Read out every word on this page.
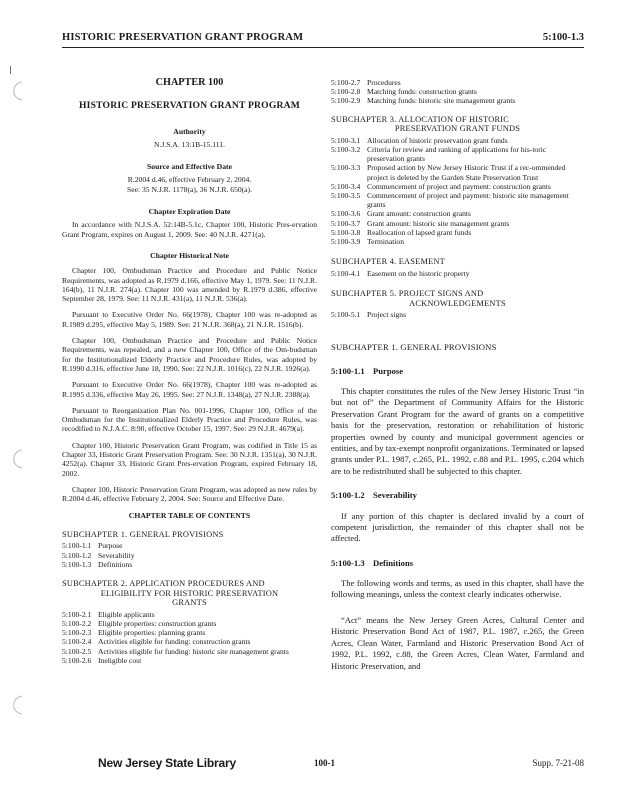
HISTORIC PRESERVATION GRANT PROGRAM	5:100-1.3
CHAPTER 100
HISTORIC PRESERVATION GRANT PROGRAM
Authority
N.J.S.A. 13:1B-15.111.
Source and Effective Date
R.2004 d.46, effective February 2, 2004.
See: 35 N.J.R. 1178(a), 36 N.J.R. 650(a).
Chapter Expiration Date

In accordance with N.J.S.A. 52:14B-5.1c, Chapter 100, Historic Pres-ervation Grant Program, expires on August 1, 2009. See: 40 N.J.R. 4271(a).

Chapter Historical Note

Chapter 100, Ombudsman Practice and Procedure and Public Notice Requirements, was adopted as R.1979 d.166, effective May 1, 1979. See: 11 N.J.R. 164(b), 11 N.J.R. 274(a). Chapter 100 was amended by R.1979 d.386, effective September 28, 1979. See: 11 N.J.R. 431(a), 11 N.J.R. 536(a).

Pursuant to Executive Order No. 66(1978), Chapter 100 was re-adopted as R.1989 d.295, effective May 5, 1989. See: 21 N.J.R. 368(a), 21 N.J.R. 1516(b).

Chapter 100, Ombudsman Practice and Procedure and Public Notice Requirements, was repealed, and a new Chapter 100, Office of the Om-budsman for the Institutionalized Elderly Practice and Procedure Rules, was adopted by R.1990 d.316, effective June 18, 1990. See: 22 N.J.R. 1016(c), 22 N.J.R. 1926(a).

Pursuant to Executive Order No. 66(1978), Chapter 100 was re-adopted as R.1995 d.336, effective May 26, 1995. See: 27 N.J.R. 1348(a), 27 N.J.R. 2388(a).

Pursuant to Reorganization Plan No. 001-1996, Chapter 100, Office of the Ombudsman for the Institutionalized Elderly Practice and Procedure Rules, was recodified to N.J.A.C. 8:90, effective October 15, 1997. See: 29 N.J.R. 4679(a).

Chapter 100, Historic Preservation Grant Program, was codified in Title 15 as Chapter 33, Historic Grant Preservation Program. See: 30 N.J.R. 1351(a), 30 N.J.R. 4252(a). Chapter 33, Historic Grant Pres-ervation Program, expired February 18, 2002.

Chapter 100, Historic Preservation Grant Program, was adopted as new rules by R.2004 d.46, effective February 2, 2004. See: Source and Effective Date.

CHAPTER TABLE OF CONTENTS
SUBCHAPTER 1. GENERAL PROVISIONS
5:100-1.1 Purpose
5:100-1.2 Severability
5:100-1.3 Definitions
SUBCHAPTER 2. APPLICATION PROCEDURES AND
ELIGIBILITY FOR HISTORIC PRESERVATION
GRANTS
5:100-2.1 Eligible applicants
5:100-2.2 Eligible properties: construction grants
5:100-2.3 Eligible properties: planning grants
5:100-2.4 Activities eligible for funding: construction grants
5:100-2.5 Activities eligible for funding: historic site management grants
5:100-2.6 Ineligible cost
5:100-2.7 Procedures
5:100-2.8 Matching funds: construction grants
5:100-2.9 Matching funds: historic site management grants
SUBCHAPTER 3. ALLOCATION OF HISTORIC
PRESERVATION GRANT FUNDS
5:100-3.1 Allocation of historic preservation grant funds
5:100-3.2 Criteria for review and ranking of applications for his-toric preservation grants
5:100-3.3 Proposed action by New Jersey Historic Trust if a rec-ommended project is deleted by the Garden State Preservation Trust
5:100-3.4 Commencement of project and payment: construction grants
5:100-3.5 Commencement of project and payment: historic site management grants
5:100-3.6 Grant amount: construction grants
5:100-3.7 Grant amount: historic site management grants
5:100-3.8 Reallocation of lapsed grant funds
5:100-3.9 Termination
SUBCHAPTER 4. EASEMENT
5:100-4.1 Easement on the historic property
SUBCHAPTER 5. PROJECT SIGNS AND
ACKNOWLEDGEMENTS
5:100-5.1 Project signs
SUBCHAPTER 1. GENERAL PROVISIONS
5:100-1.1 Purpose

This chapter constitutes the rules of the New Jersey Historic Trust “in but not of” the Department of Community Affairs for the Historic Preservation Grant Program for the award of grants on a competitive basis for the preservation, restoration or rehabilitation of historic properties owned by county and municipal government agencies or entities, and by tax-exempt nonprofit organizations. Terminated or lapsed grants under P.L. 1987, c.265, P.L. 1992, c.88 and P.L. 1995, c.204 which are to be redistributed shall be subjected to this chapter.

5:100-1.2 Severability

If any portion of this chapter is declared invalid by a court of competent jurisdiction, the remainder of this chapter shall not be affected.

5:100-1.3 Definitions

The following words and terms, as used in this chapter, shall have the following meanings, unless the context clearly indicates otherwise.

“Act” means the New Jersey Green Acres, Cultural Center and Historic Preservation Bond Act of 1987, P.L. 1987, c.265, the Green Acres, Clean Water, Farmland and Historic Preservation Bond Act of 1992, P.L. 1992, c.88, the Green Acres, Clean Water, Farmland and Historic Preservation, and

New Jersey State Library	100-1	Supp. 7-21-08
